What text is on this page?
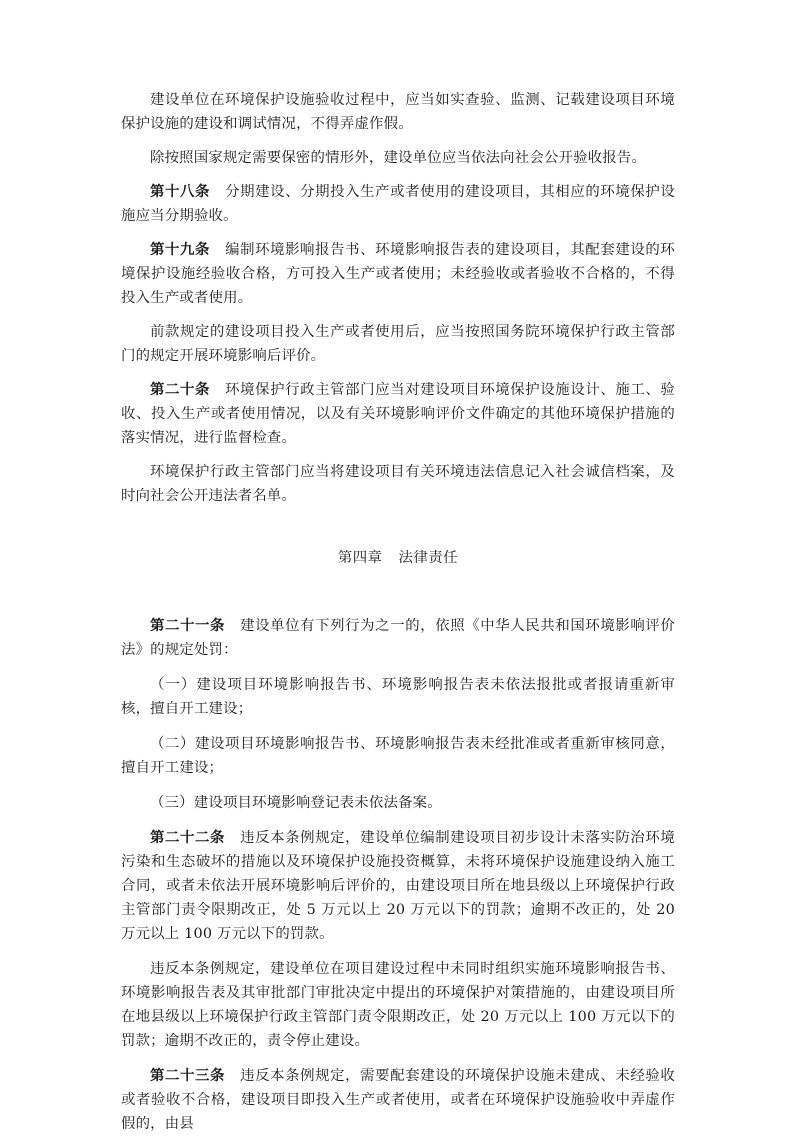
建设单位在环境保护设施验收过程中，应当如实查验、监测、记载建设项目环境保护设施的建设和调试情况，不得弄虚作假。

除按照国家规定需要保密的情形外，建设单位应当依法向社会公开验收报告。

第十八条　 分期建设、分期投入生产或者使用的建设项目，其相应的环境保护设施应当分期验收。

第十九条　 编制环境影响报告书、环境影响报告表的建设项目，其配套建设的环境保护设施经验收合格，方可投入生产或者使用；未经验收或者验收不合格的，不得投入生产或者使用。

前款规定的建设项目投入生产或者使用后，应当按照国务院环境保护行政主管部门的规定开展环境影响后评价。

第二十条　 环境保护行政主管部门应当对建设项目环境保护设施设计、施工、验收、投入生产或者使用情况，以及有关环境影响评价文件确定的其他环境保护措施的落实情况，进行监督检查。

环境保护行政主管部门应当将建设项目有关环境违法信息记入社会诚信档案，及时向社会公开违法者名单。

第四章 法律责任

第二十一条　 建设单位有下列行为之一的，依照《中华人民共和国环境影响评价法》的规定处罚：

（一）建设项目环境影响报告书、环境影响报告表未依法报批或者报请重新审核，擅自开工建设；

（二）建设项目环境影响报告书、环境影响报告表未经批准或者重新审核同意，擅自开工建设；

（三）建设项目环境影响登记表未依法备案。

第二十二条　 违反本条例规定，建设单位编制建设项目初步设计未落实防治环境污染和生态破坏的措施以及环境保护设施投资概算，未将环境保护设施建设纳入施工合同，或者未依法开展环境影响后评价的，由建设项目所在地县级以上环境保护行政主管部门责令限期改正，处 5 万元以上 20 万元以下的罚款；逾期不改正的，处 20 万元以上 100 万元以下的罚款。

违反本条例规定，建设单位在项目建设过程中未同时组织实施环境影响报告书、环境影响报告表及其审批部门审批决定中提出的环境保护对策措施的，由建设项目所在地县级以上环境保护行政主管部门责令限期改正，处 20 万元以上 100 万元以下的罚款；逾期不改正的，责令停止建设。

第二十三条　 违反本条例规定，需要配套建设的环境保护设施未建成、未经验收或者验收不合格，建设项目即投入生产或者使用，或者在环境保护设施验收中弄虚作假的，由县
